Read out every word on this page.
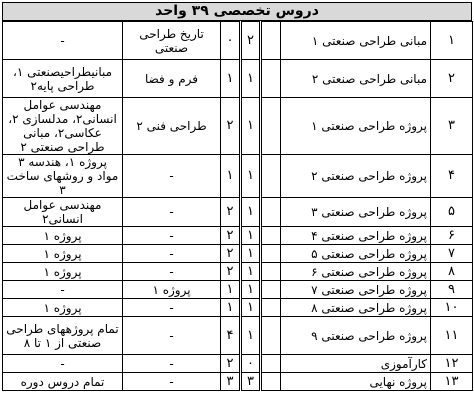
دروس تخصصی ۳۹ واحد
-	تاریخ طراحی صنعتی	۰	۲		مبانی طراحی صنعتی ۱	۱
مبانیطراحیصنعتی ۱، طراحی پایه۲	فرم و فضا	۱	۱		مبانی طراحی صنعتی ۲	۲
مهندسی عوامل انسانی۲، مدلسازی ۲، عکاسی۲، مبانی طراحی صنعتی ۲	طراحی فنی ۲	۲	۱		پروژه طراحی صنعتی ۱	۳
پروژه ۱، هندسه ۳ مواد و روشهای ساخت ۳	-	۱	۱		پروژه طراحی صنعتی ۲	۴
مهندسی عوامل انسانی۲	-	۲	۱		پروژه طراحی صنعتی ۳	۵
پروژه ۱	-	۲	۱		پروژه طراحی صنعتی ۴	۶
پروژه ۱	-	۲	۱		پروژه طراحی صنعتی ۵	۷
پروژه ۱	-	۲	۱		پروژه طراحی صنعتی ۶	۸
-	پروژه ۱	۱	۱		پروژه طراحی صنعتی ۷	۹
پروژه ۱	-	۱	۱		پروژه طراحی صنعتی ۸	۱۰
تمام پروژههای طراحی صنعتی از ۱ تا ۸	-	۴	۱		پروژه طراحی صنعتی ۹	۱۱
-	-	۲	۰		کارآموزی	۱۲
تمام دروس دوره	-	۳	۳		پروژه نهایی	۱۳
